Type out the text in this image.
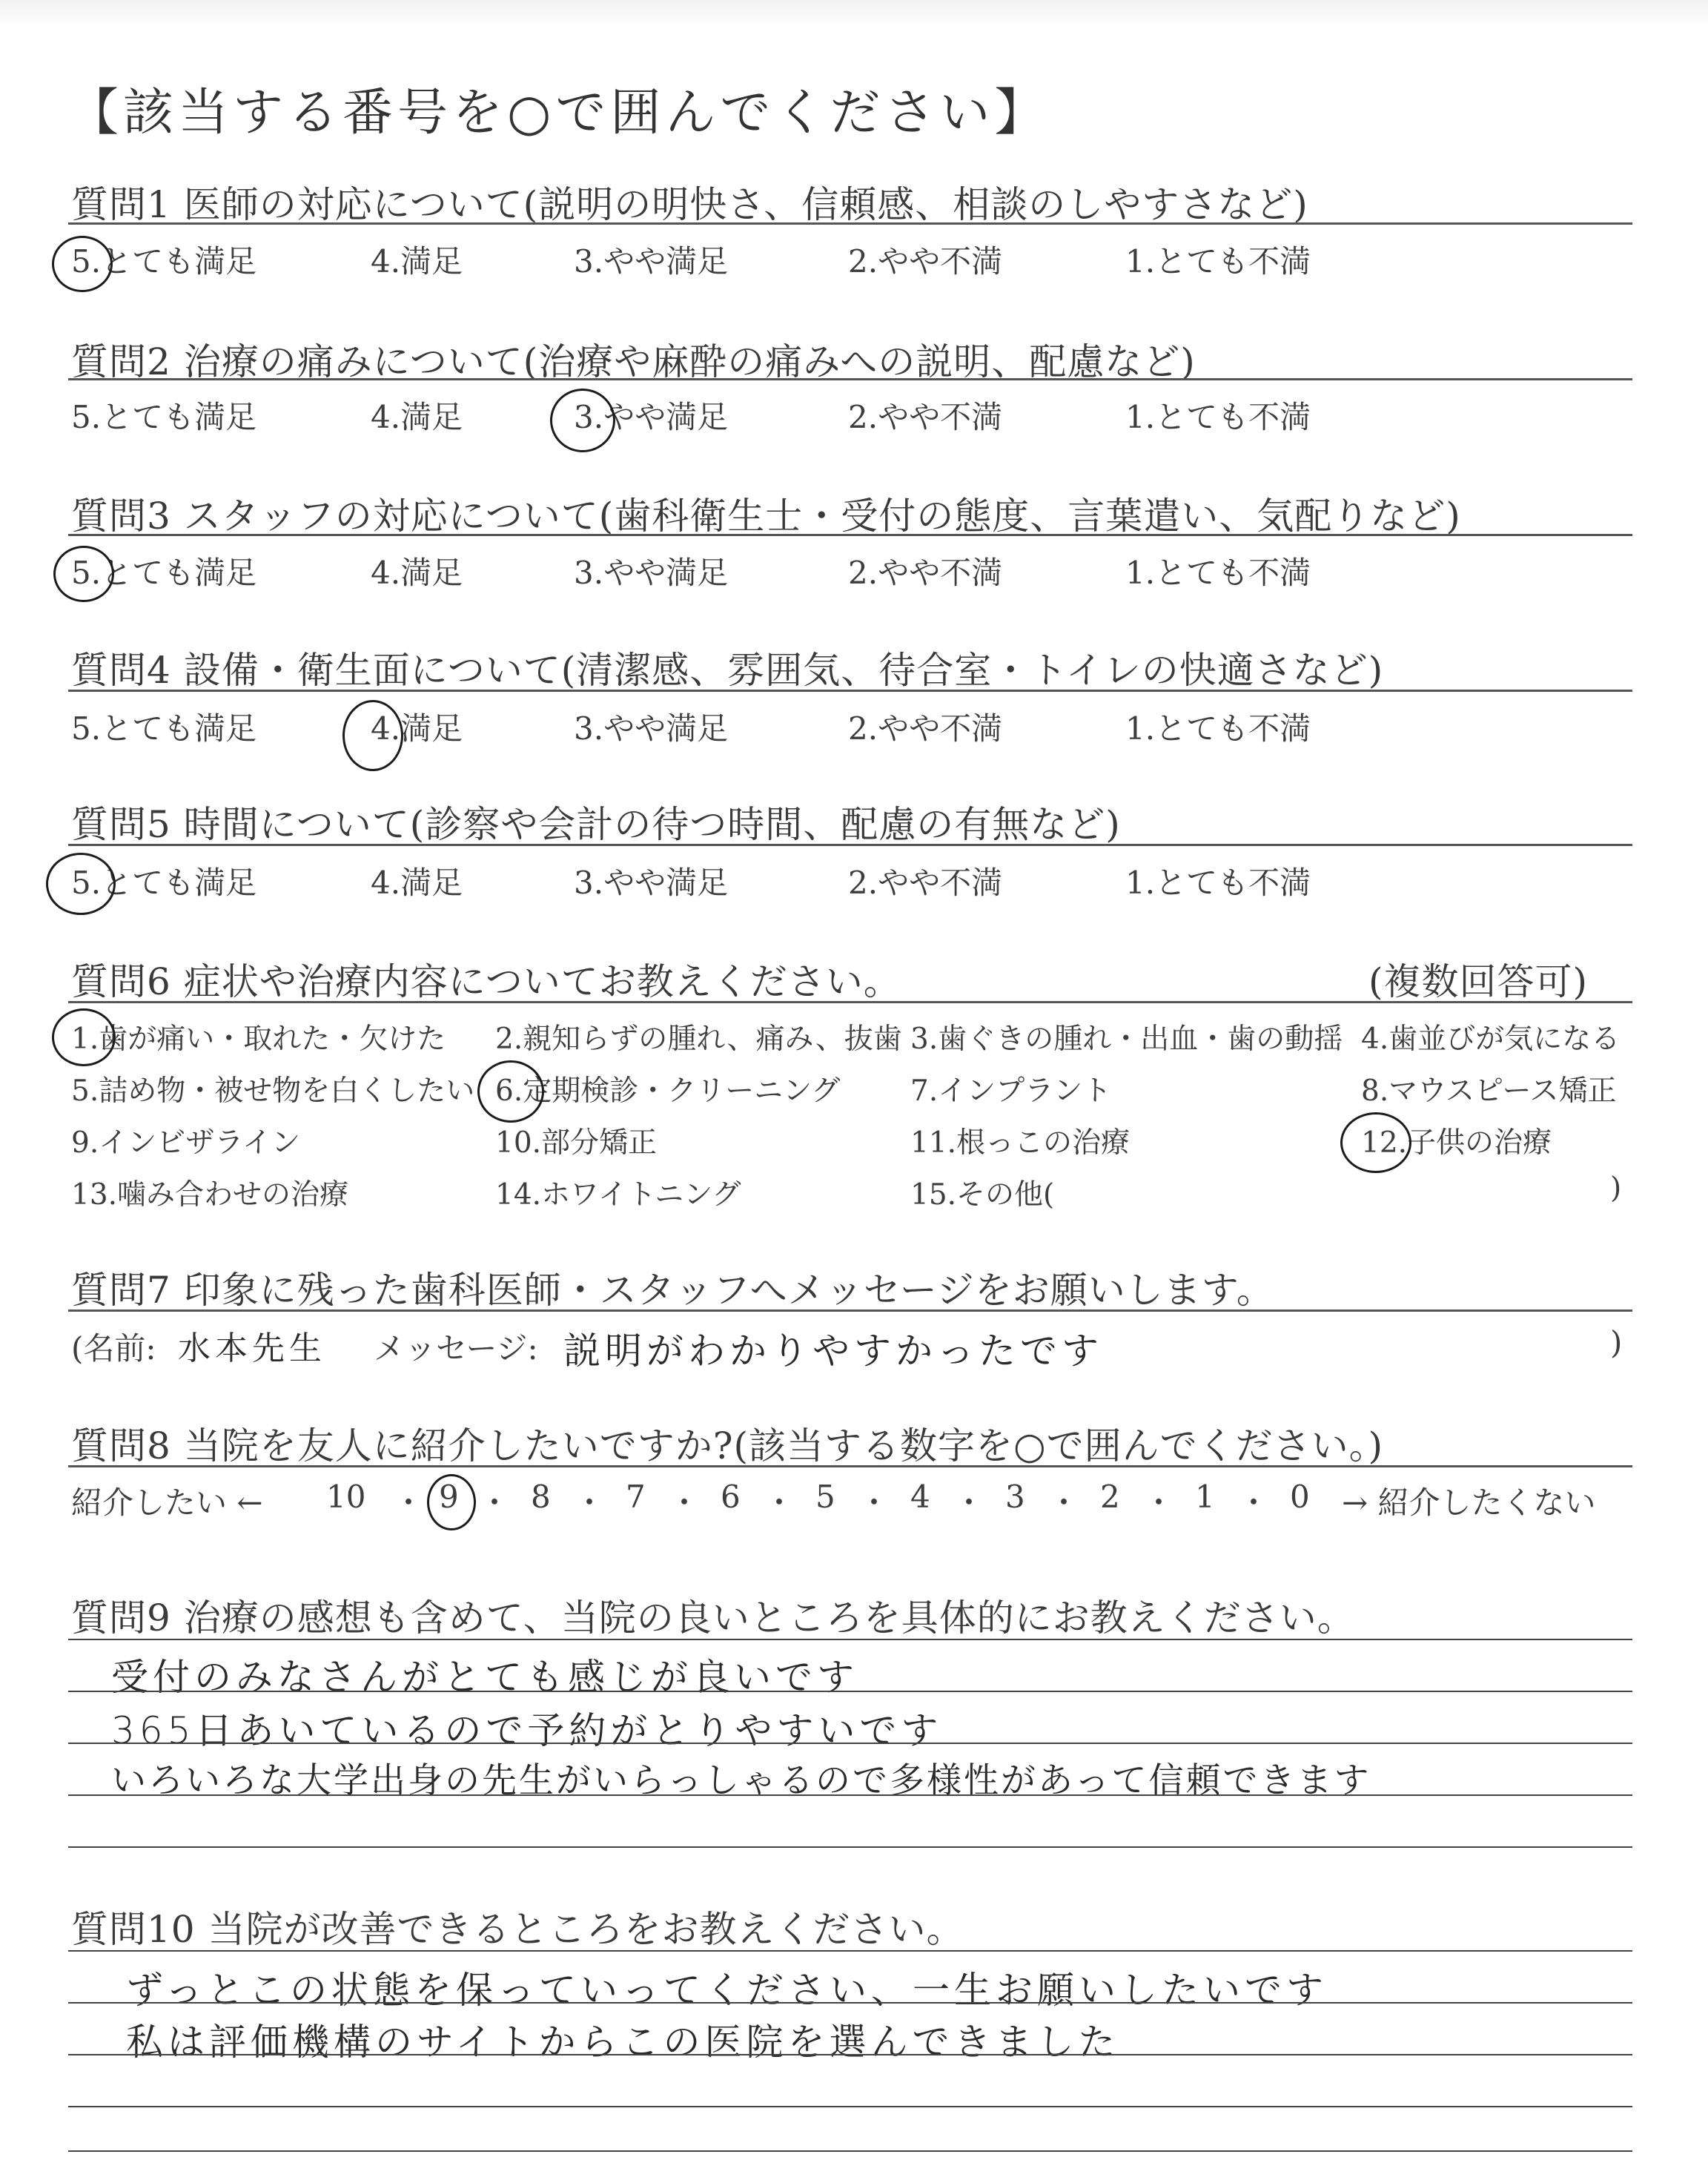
【該当する番号を○で囲んでください】
質問1 医師の対応について(説明の明快さ、信頼感、相談のしやすさなど)
5.とても満足	4.満足	3.やや満足	2.やや不満	1.とても不満
質問2 治療の痛みについて(治療や麻酔の痛みへの説明、配慮など)
5.とても満足	4.満足	3.やや満足	2.やや不満	1.とても不満
質問3 スタッフの対応について(歯科衛生士・受付の態度、言葉遣い、気配りなど)
5.とても満足	4.満足	3.やや満足	2.やや不満	1.とても不満
質問4 設備・衛生面について(清潔感、雰囲気、待合室・トイレの快適さなど)
5.とても満足	4.満足	3.やや満足	2.やや不満	1.とても不満
質問5 時間について(診察や会計の待つ時間、配慮の有無など)
5.とても満足	4.満足	3.やや満足	2.やや不満	1.とても不満
質問6 症状や治療内容についてお教えください。	(複数回答可)
1.歯が痛い・取れた・欠けた 2.親知らずの腫れ、痛み、抜歯 3.歯ぐきの腫れ・出血・歯の動揺 4.歯並びが気になる
5.詰め物・被せ物を白くしたい 6.定期検診・クリーニング 7.インプラント	8.マウスピース矯正
9.インビザライン	10.部分矯正	11.根っこの治療	12.子供の治療
13.噛み合わせの治療	14.ホワイトニング	15.その他(	)
質問7 印象に残った歯科医師・スタッフへメッセージをお願いします。
(名前: 水本先生 メッセージ: 説明がわかりやすかったです	)
質問8 当院を友人に紹介したいですか?(該当する数字を○で囲んでください。)
紹介したい ← 10 ・ 9 ・ 8 ・ 7 ・ 6 ・ 5 ・ 4 ・ 3 ・ 2 ・ 1 ・ 0 → 紹介したくない
質問9 治療の感想も含めて、当院の良いところを具体的にお教えください。
受付のみなさんがとても感じが良いです
365日あいているので予約がとりやすいです
いろいろな大学出身の先生がいらっしゃるので多様性があって信頼できます
質問10 当院が改善できるところをお教えください。
ずっとこの状態を保っていってください、一生お願いしたいです
私は評価機構のサイトからこの医院を選んできました
